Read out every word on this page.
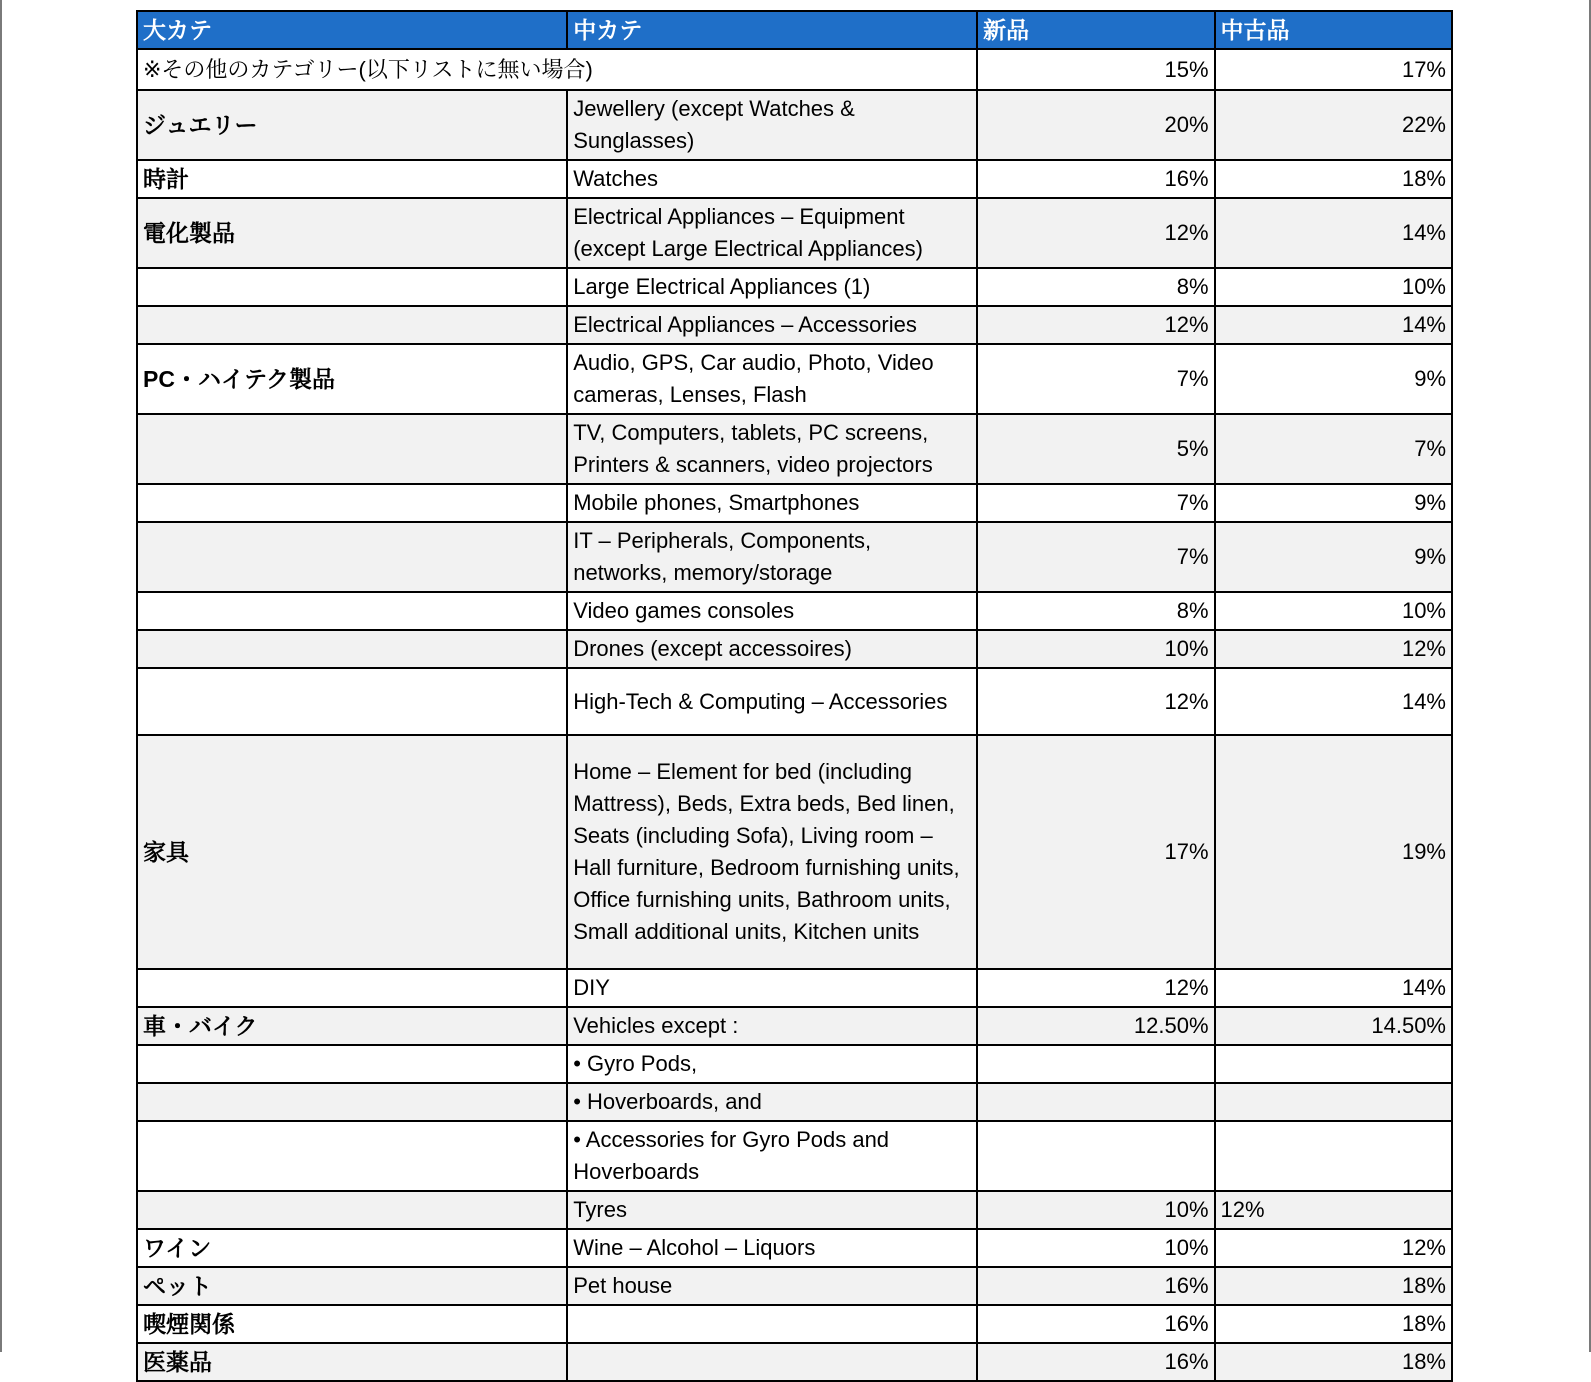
大カテ	中カテ	新品	中古品
※その他のカテゴリー(以下リストに無い場合)		15%	17%
ジュエリー	Jewellery (except Watches & Sunglasses)	20%	22%
時計	Watches	16%	18%
電化製品	Electrical Appliances – Equipment (except Large Electrical Appliances)	12%	14%
	Large Electrical Appliances (1)	8%	10%
	Electrical Appliances – Accessories	12%	14%
PC・ハイテク製品	Audio, GPS, Car audio, Photo, Video cameras, Lenses, Flash	7%	9%
	TV, Computers, tablets, PC screens, Printers & scanners, video projectors	5%	7%
	Mobile phones, Smartphones	7%	9%
	IT – Peripherals, Components, networks, memory/storage	7%	9%
	Video games consoles	8%	10%
	Drones (except accessoires)	10%	12%
	High-Tech & Computing – Accessories	12%	14%
家具	Home – Element for bed (including Mattress), Beds, Extra beds, Bed linen, Seats (including Sofa), Living room – Hall furniture, Bedroom furnishing units, Office furnishing units, Bathroom units, Small additional units, Kitchen units	17%	19%
	DIY	12%	14%
車・バイク	Vehicles except :	12.50%	14.50%
	• Gyro Pods,		
	• Hoverboards, and		
	• Accessories for Gyro Pods and Hoverboards		
	Tyres	10%	12%
ワイン	Wine – Alcohol – Liquors	10%	12%
ペット	Pet house	16%	18%
喫煙関係		16%	18%
医薬品		16%	18%
